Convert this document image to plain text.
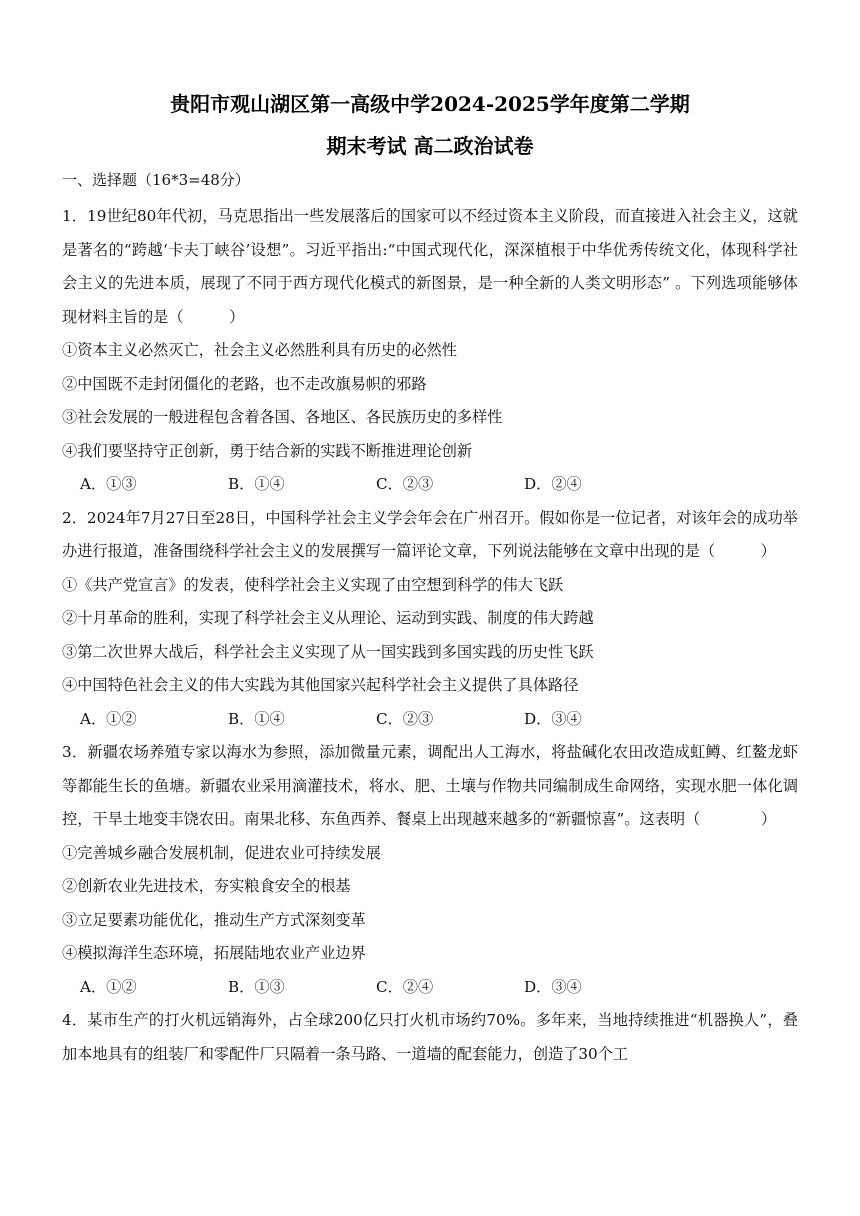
贵阳市观山湖区第一高级中学2024-2025学年度第二学期
期末考试 高二政治试卷
一、选择题（16*3=48分）

1．19世纪80年代初，马克思指出一些发展落后的国家可以不经过资本主义阶段，而直接进入社会主义，这就是著名的“跨越‘卡夫丁峡谷’设想”。习近平指出:“中国式现代化，深深植根于中华优秀传统文化，体现科学社会主义的先进本质，展现了不同于西方现代化模式的新图景，是一种全新的人类文明形态” 。下列选项能够体现材料主旨的是（　　　）

①资本主义必然灭亡，社会主义必然胜利具有历史的必然性

②中国既不走封闭僵化的老路，也不走改旗易帜的邪路

③社会发展的一般进程包含着各国、各地区、各民族历史的多样性

④我们要坚持守正创新，勇于结合新的实践不断推进理论创新

A．①③	B．①④	C．②③	D．②④

2．2024年7月27日至28日，中国科学社会主义学会年会在广州召开。假如你是一位记者，对该年会的成功举办进行报道，准备围绕科学社会主义的发展撰写一篇评论文章，下列说法能够在文章中出现的是（　　　）

①《共产党宣言》的发表，使科学社会主义实现了由空想到科学的伟大飞跃

②十月革命的胜利，实现了科学社会主义从理论、运动到实践、制度的伟大跨越

③第二次世界大战后，科学社会主义实现了从一国实践到多国实践的历史性飞跃

④中国特色社会主义的伟大实践为其他国家兴起科学社会主义提供了具体路径

A．①②	B．①④	C．②③	D．③④

3．新疆农场养殖专家以海水为参照，添加微量元素，调配出人工海水，将盐碱化农田改造成虹鳟、红鳌龙虾等都能生长的鱼塘。新疆农业采用滴灌技术，将水、肥、土壤与作物共同编制成生命网络，实现水肥一体化调控，干旱土地变丰饶农田。南果北移、东鱼西养、餐桌上出现越来越多的“新疆惊喜”。这表明（　　　　）

①完善城乡融合发展机制，促进农业可持续发展

②创新农业先进技术，夯实粮食安全的根基

③立足要素功能优化，推动生产方式深刻变革

④模拟海洋生态环境，拓展陆地农业产业边界

A．①②	B．①③	C．②④	D．③④

4．某市生产的打火机远销海外，占全球200亿只打火机市场约70%。多年来，当地持续推进“机器换人”，叠加本地具有的组装厂和零配件厂只隔着一条马路、一道墙的配套能力，创造了30个工
